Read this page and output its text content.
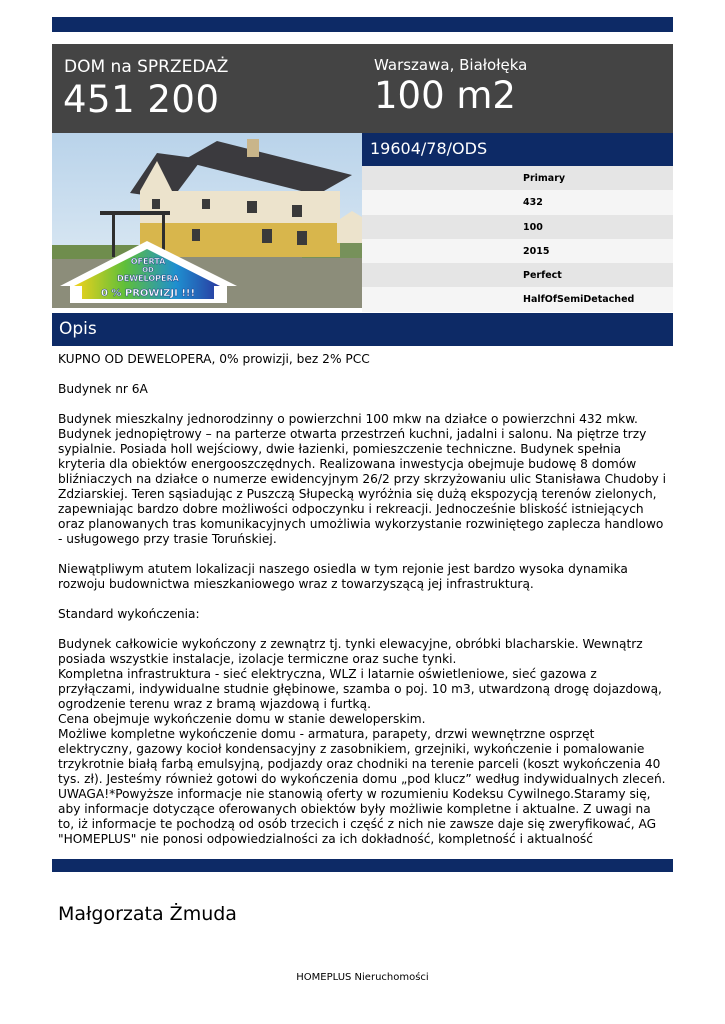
DOM na SPRZEDAŻ
451 200
Warszawa, Białołęka
100 m2
OFERTA
OD
DEWELOPERA
0 % PROWIZJI !!!
19604/78/ODS
Primary
432
100
2015
Perfect
HalfOfSemiDetached
Opis

KUPNO OD DEWELOPERA, 0% prowizji, bez 2% PCC

Budynek nr 6A

Budynek mieszkalny jednorodzinny o powierzchni 100 mkw na działce o powierzchni 432 mkw. Budynek jednopiętrowy – na parterze otwarta przestrzeń kuchni, jadalni i salonu. Na piętrze trzy sypialnie. Posiada holl wejściowy, dwie łazienki, pomieszczenie techniczne. Budynek spełnia kryteria dla obiektów energooszczędnych. Realizowana inwestycja obejmuje budowę 8 domów bliźniaczych na działce o numerze ewidencyjnym 26/2 przy skrzyżowaniu ulic Stanisława Chudoby i Zdziarskiej. Teren sąsiadując z Puszczą Słupecką wyróżnia się dużą ekspozycją terenów zielonych, zapewniając bardzo dobre możliwości odpoczynku i rekreacji. Jednocześnie bliskość istniejących oraz planowanych tras komunikacyjnych umożliwia wykorzystanie rozwiniętego zaplecza handlowo - usługowego przy trasie Toruńskiej.

Niewątpliwym atutem lokalizacji naszego osiedla w tym rejonie jest bardzo wysoka dynamika rozwoju budownictwa mieszkaniowego wraz z towarzyszącą jej infrastrukturą.

Standard wykończenia:

Budynek całkowicie wykończony z zewnątrz tj. tynki elewacyjne, obróbki blacharskie. Wewnątrz posiada wszystkie instalacje, izolacje termiczne oraz suche tynki.

Kompletna infrastruktura - sieć elektryczna, WLZ i latarnie oświetleniowe, sieć gazowa z przyłączami, indywidualne studnie głębinowe, szamba o poj. 10 m3, utwardzoną drogę dojazdową, ogrodzenie terenu wraz z bramą wjazdową i furtką.

Cena obejmuje wykończenie domu w stanie deweloperskim.

Możliwe kompletne wykończenie domu - armatura, parapety, drzwi wewnętrzne osprzęt elektryczny, gazowy kocioł kondensacyjny z zasobnikiem, grzejniki, wykończenie i pomalowanie trzykrotnie białą farbą emulsyjną, podjazdy oraz chodniki na terenie parceli (koszt wykończenia 40 tys. zł). Jesteśmy również gotowi do wykończenia domu „pod klucz” według indywidualnych zleceń.

UWAGA!*Powyższe informacje nie stanowią oferty w rozumieniu Kodeksu Cywilnego.Staramy się, aby informacje dotyczące oferowanych obiektów były możliwie kompletne i aktualne. Z uwagi na to, iż informacje te pochodzą od osób trzecich i część z nich nie zawsze daje się zweryfikować, AG "HOMEPLUS" nie ponosi odpowiedzialności za ich dokładność, kompletność i aktualność

Małgorzata Żmuda
HOMEPLUS Nieruchomości
